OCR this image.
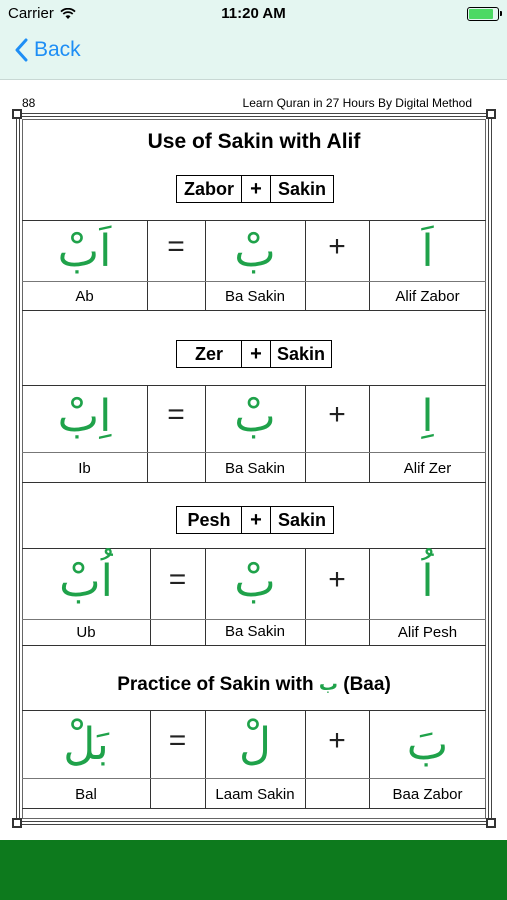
Carrier	11:20 AM
Back
88	Learn Quran in 27 Hours By Digital Method
Use of Sakin with Alif
Zabor + Sakin
اَبْ	=	بْ	+	اَ
Ab	Ba Sakin	Alif Zabor
Zer	+ Sakin
اِبْ	=	بْ	+	اِ
Ib	Ba Sakin	Alif Zer
Pesh + Sakin
اُبْ	=	بْ	+	اُ
Ub	Ba Sakin	Alif Pesh
Practice of Sakin with ب (Baa)
بَلْ	=	لْ	+	بَ
Bal	Laam Sakin	Baa Zabor
